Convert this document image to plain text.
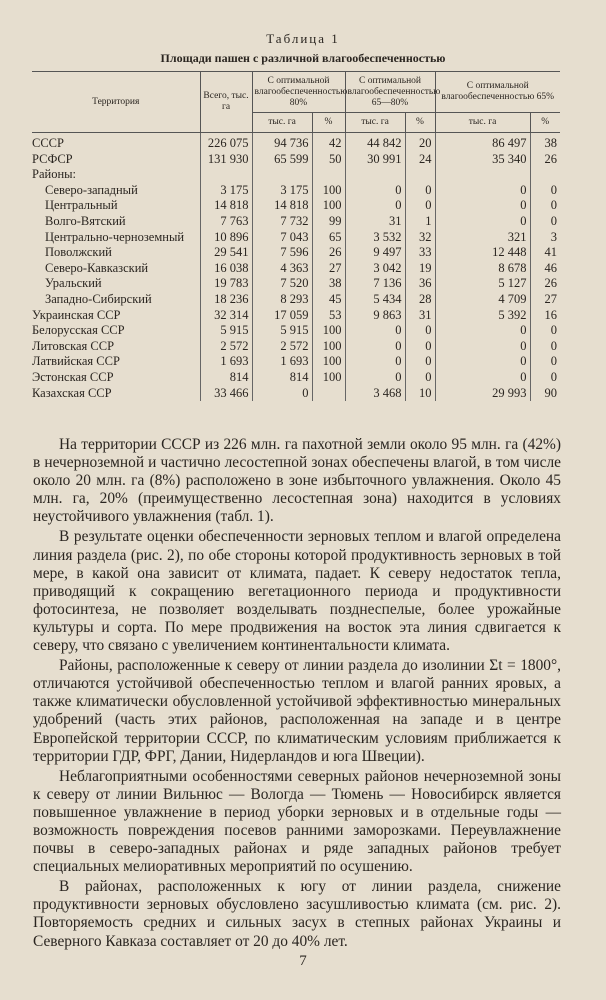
Таблица 1
Площади пашен с различной влагообеспеченностью
Территория	Всего, тыс. га	С оптимальной влагообеспеченностью 80%		С оптимальной влагообеспеченностью 65—80%		С оптимальной влагообеспеченностью 65%	
		тыс. га	%	тыс. га	%	тыс. га	%
СССР	226 075	94 736	42	44 842	20	86 497	38
РСФСР	131 930	65 599	50	30 991	24	35 340	26
Районы:							
Северо-западный	3 175	3 175	100	0	0	0	0
Центральный	14 818	14 818	100	0	0	0	0
Волго-Вятский	7 763	7 732	99	31	1	0	0
Центрально-черноземный	10 896	7 043	65	3 532	32	321	3
Поволжский	29 541	7 596	26	9 497	33	12 448	41
Северо-Кавказский	16 038	4 363	27	3 042	19	8 678	46
Уральский	19 783	7 520	38	7 136	36	5 127	26
Западно-Сибирский	18 236	8 293	45	5 434	28	4 709	27
Украинская ССР	32 314	17 059	53	9 863	31	5 392	16
Белорусская ССР	5 915	5 915	100	0	0	0	0
Литовская ССР	2 572	2 572	100	0	0	0	0
Латвийская ССР	1 693	1 693	100	0	0	0	0
Эстонская ССР	814	814	100	0	0	0	0
Казахская ССР	33 466	0		3 468	10	29 993	90

На территории СССР из 226 млн. га пахотной земли около 95 млн. га (42%) в нечерноземной и частично лесостепной зонах обеспечены влагой, в том числе около 20 млн. га (8%) расположено в зоне избыточного увлажнения. Около 45 млн. га, 20% (преимущественно лесостепная зона) находится в условиях неустойчивого увлажнения (табл. 1).

В результате оценки обеспеченности зерновых теплом и влагой определена линия раздела (рис. 2), по обе стороны которой продуктивность зерновых в той мере, в какой она зависит от климата, падает. К северу недостаток тепла, приводящий к сокращению вегетационного периода и продуктивности фотосинтеза, не позволяет возделывать позднеспелые, более урожайные культуры и сорта. По мере продвижения на восток эта линия сдвигается к северу, что связано с увеличением континентальности климата.

Районы, расположенные к северу от линии раздела до изолинии Σt = 1800°, отличаются устойчивой обеспеченностью теплом и влагой ранних яровых, а также климатически обусловленной устойчивой эффективностью минеральных удобрений (часть этих районов, расположенная на западе и в центре Европейской территории СССР, по климатическим условиям приближается к территории ГДР, ФРГ, Дании, Нидерландов и юга Швеции).

Неблагоприятными особенностями северных районов нечерноземной зоны к северу от линии Вильнюс — Вологда — Тюмень — Новосибирск является повышенное увлажнение в период уборки зерновых и в отдельные годы — возможность повреждения посевов ранними заморозками. Переувлажнение почвы в северо-западных районах и ряде западных районов требует специальных мелиоративных мероприятий по осушению.

В районах, расположенных к югу от линии раздела, снижение продуктивности зерновых обусловлено засушливостью климата (см. рис. 2). Повторяемость средних и сильных засух в степных районах Украины и Северного Кавказа составляет от 20 до 40% лет.

7
